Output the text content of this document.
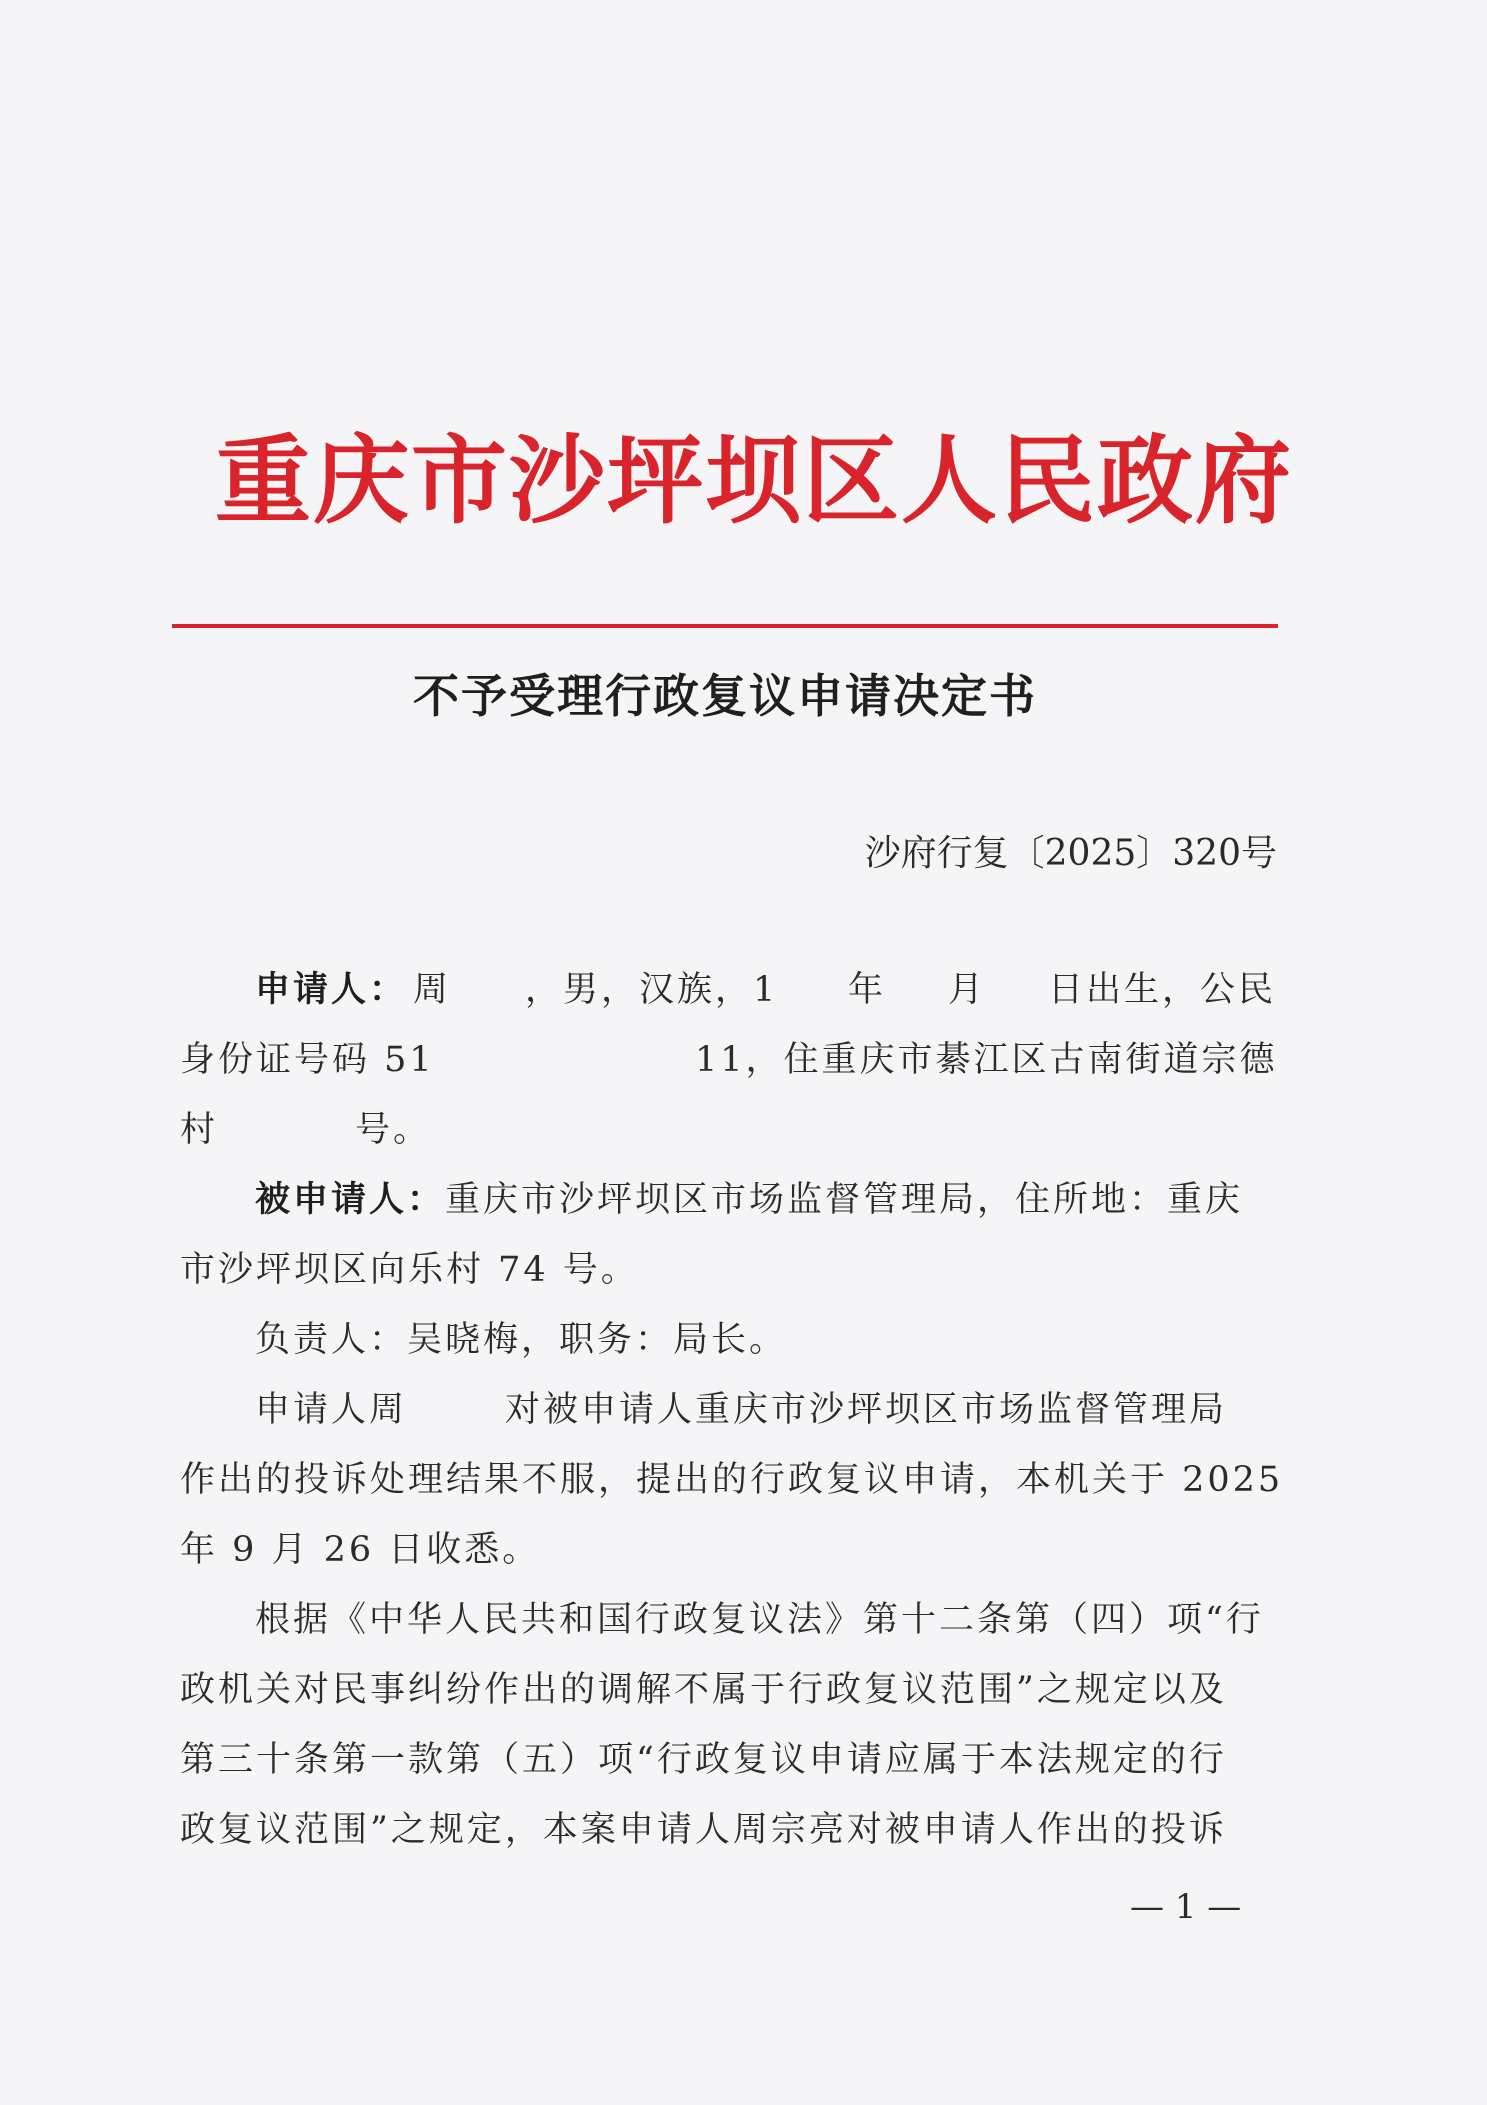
重庆市沙坪坝区人民政府
不予受理行政复议申请决定书
沙府行复〔2025〕320号
申请人： 周 ，男，汉族，1 年 月 日出生，公民
身份证号码 51	11，住重庆市綦江区古南街道宗德
村	号。
被申请人：重庆市沙坪坝区市场监督管理局，住所地：重庆
市沙坪坝区向乐村 74 号。
负责人：吴晓梅，职务：局长。
申请人周	对被申请人重庆市沙坪坝区市场监督管理局
作出的投诉处理结果不服，提出的行政复议申请，本机关于 2025
年 9 月 26 日收悉。
根据《中华人民共和国行政复议法》第十二条第（四）项“行
政机关对民事纠纷作出的调解不属于行政复议范围”之规定以及
第三十条第一款第（五）项“行政复议申请应属于本法规定的行
政复议范围”之规定，本案申请人周宗亮对被申请人作出的投诉
— 1 —
